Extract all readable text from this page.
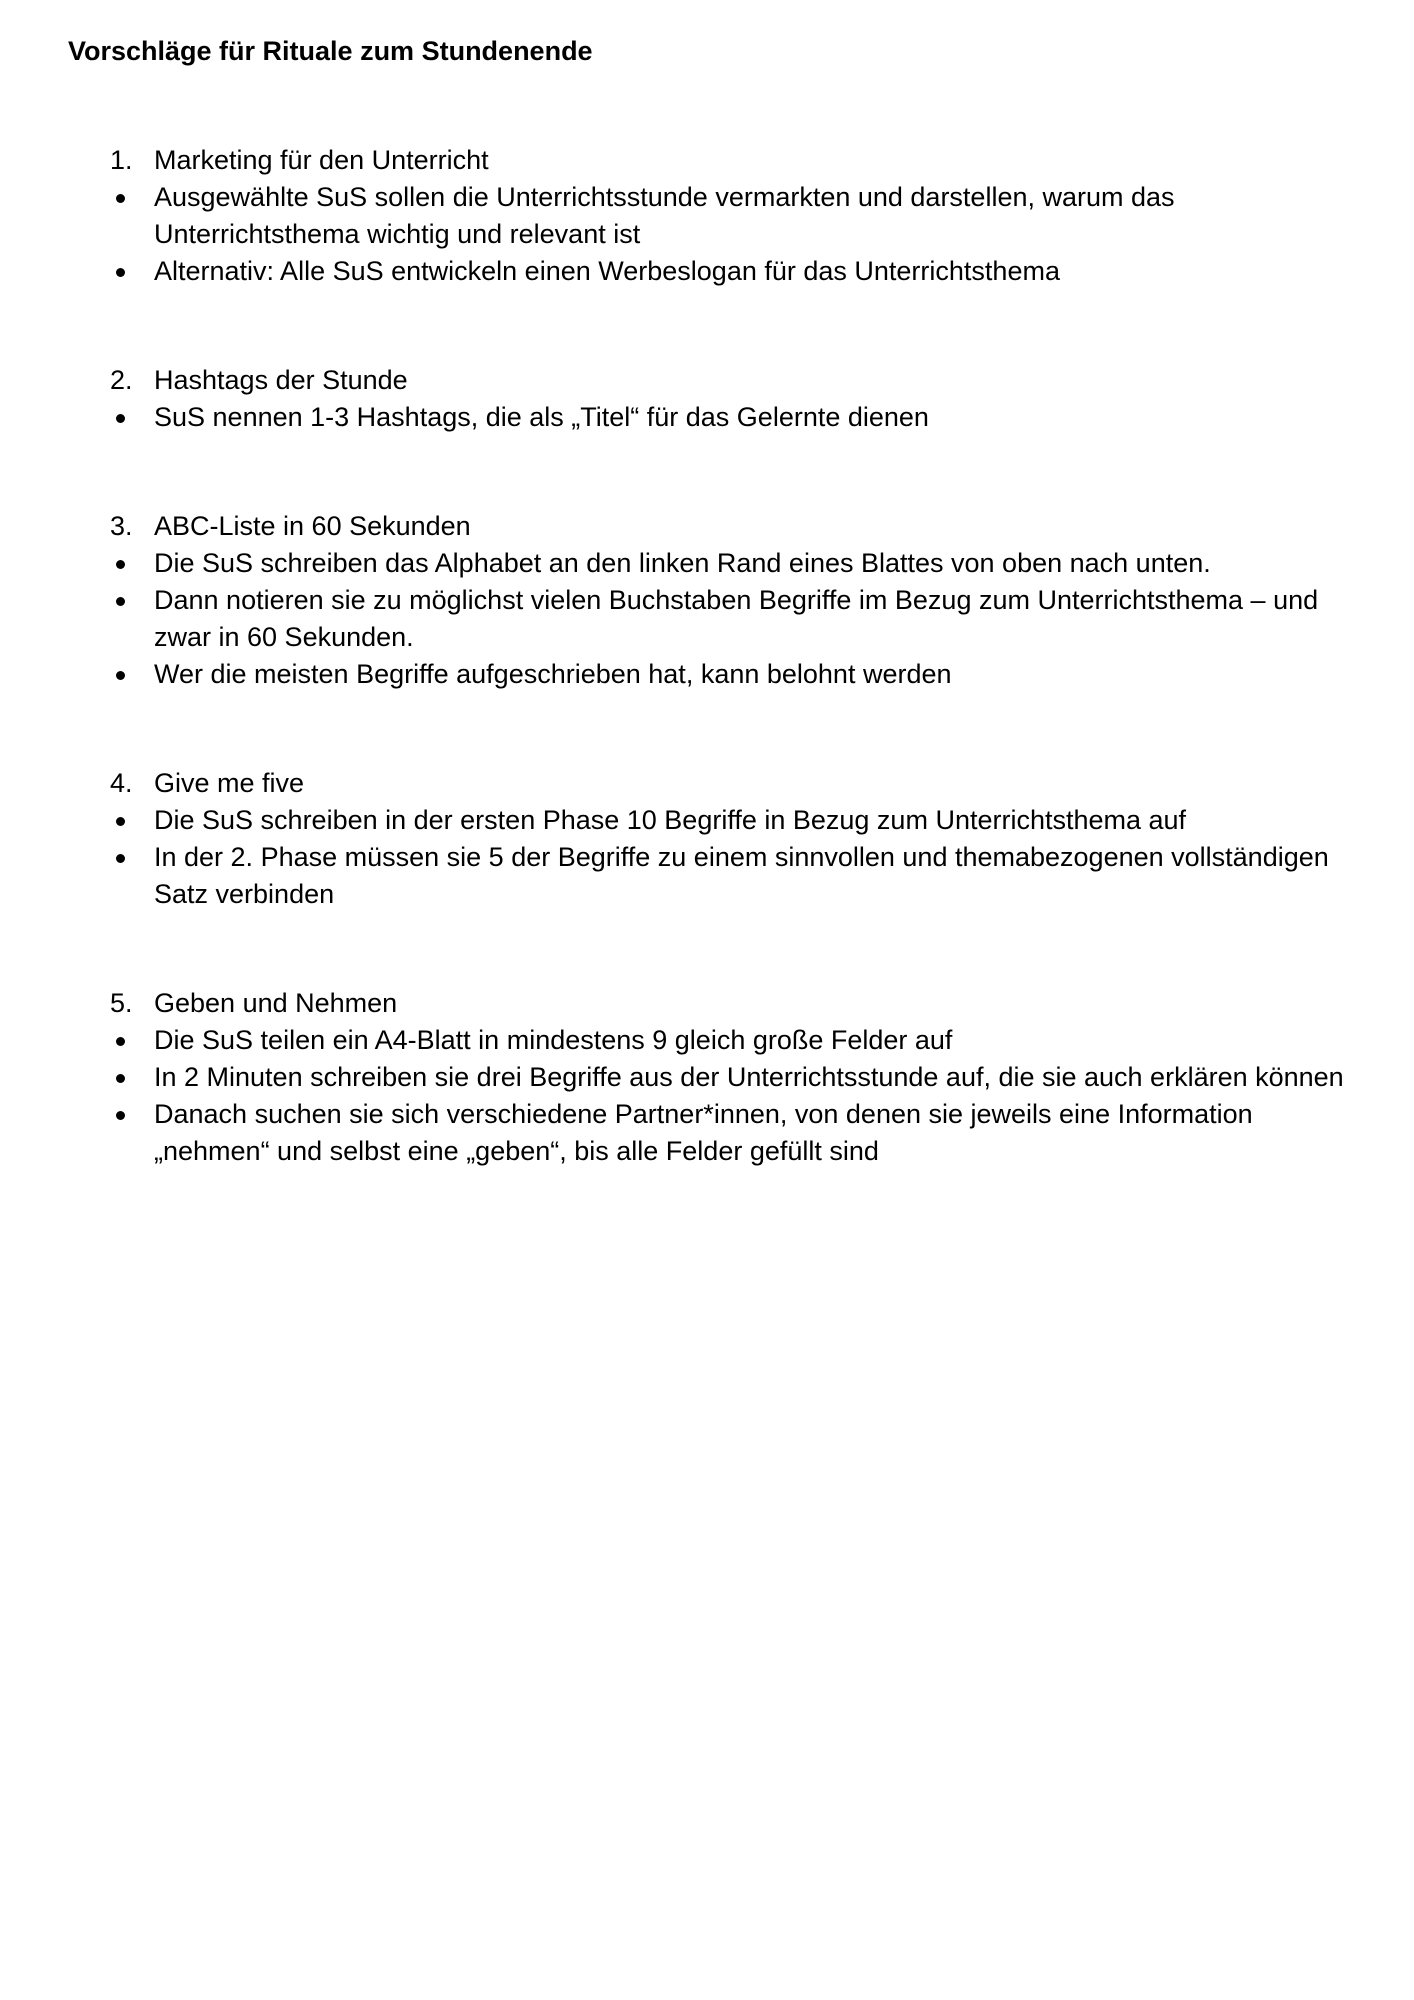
Vorschläge für Rituale zum Stundenende
1. Marketing für den Unterricht
Ausgewählte SuS sollen die Unterrichtsstunde vermarkten und darstellen, warum das Unterrichtsthema wichtig und relevant ist
Alternativ: Alle SuS entwickeln einen Werbeslogan für das Unterrichtsthema
2. Hashtags der Stunde
SuS nennen 1-3 Hashtags, die als „Titel“ für das Gelernte dienen
3. ABC-Liste in 60 Sekunden
Die SuS schreiben das Alphabet an den linken Rand eines Blattes von oben nach unten.
Dann notieren sie zu möglichst vielen Buchstaben Begriffe im Bezug zum Unterrichtsthema – und zwar in 60 Sekunden.
Wer die meisten Begriffe aufgeschrieben hat, kann belohnt werden
4. Give me five
Die SuS schreiben in der ersten Phase 10 Begriffe in Bezug zum Unterrichtsthema auf
In der 2. Phase müssen sie 5 der Begriffe zu einem sinnvollen und themabezogenen vollständigen Satz verbinden
5. Geben und Nehmen
Die SuS teilen ein A4-Blatt in mindestens 9 gleich große Felder auf
In 2 Minuten schreiben sie drei Begriffe aus der Unterrichtsstunde auf, die sie auch erklären können
Danach suchen sie sich verschiedene Partner*innen, von denen sie jeweils eine Information „nehmen“ und selbst eine „geben“, bis alle Felder gefüllt sind
